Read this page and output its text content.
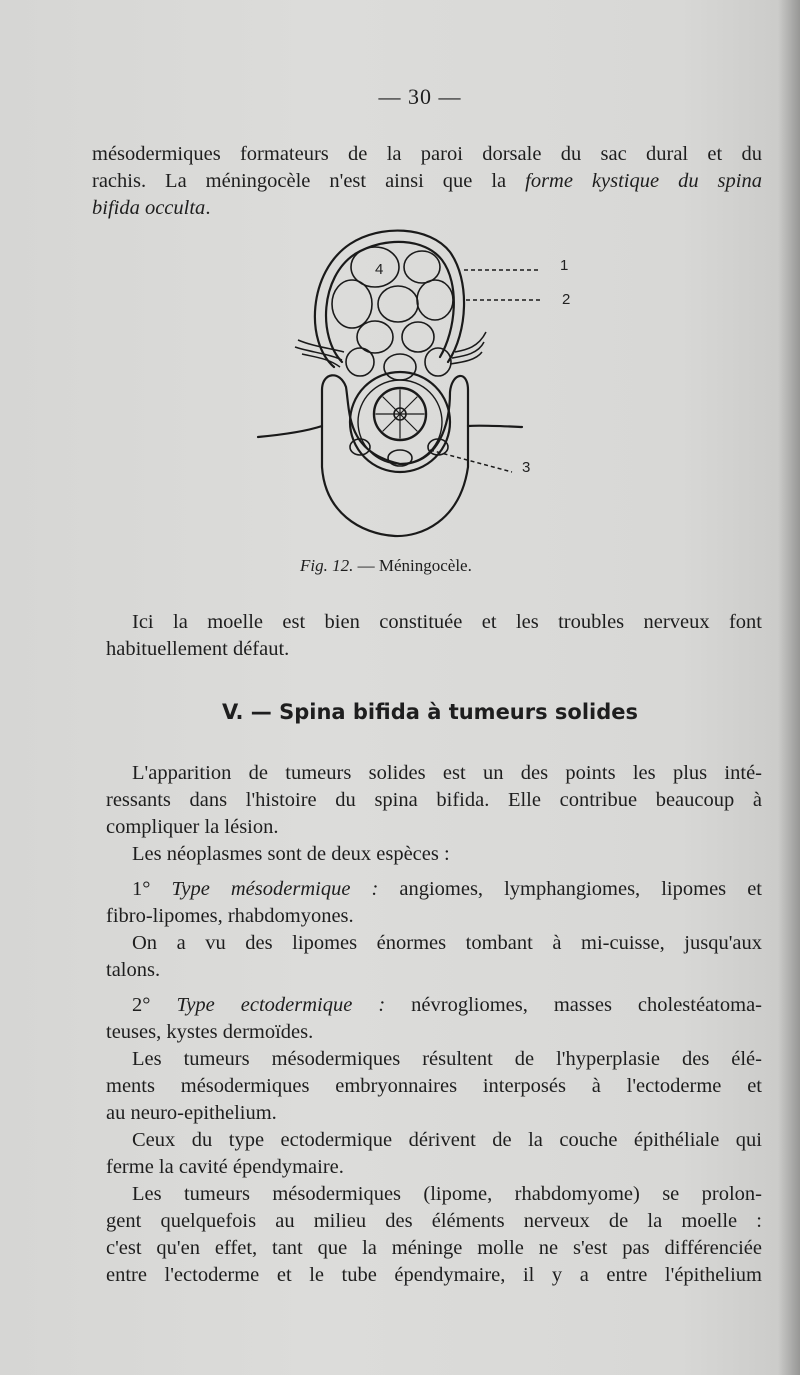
— 30 —
mésodermiques formateurs de la paroi dorsale du sac dural et du
rachis. La méningocèle n'est ainsi que la forme kystique du spina
bifida occulta.
4	1
2
3
Fig. 12. — Méningocèle.
Ici la moelle est bien constituée et les troubles nerveux font
habituellement défaut.
V. — Spina bifida à tumeurs solides
L'apparition de tumeurs solides est un des points les plus inté-
ressants dans l'histoire du spina bifida. Elle contribue beaucoup à
compliquer la lésion.
Les néoplasmes sont de deux espèces :
1° Type mésodermique : angiomes, lymphangiomes, lipomes et
fibro-lipomes, rhabdomyones.
On a vu des lipomes énormes tombant à mi-cuisse, jusqu'aux
talons.
2° Type ectodermique : névrogliomes, masses cholestéatoma-
teuses, kystes dermoïdes.
Les tumeurs mésodermiques résultent de l'hyperplasie des élé-
ments mésodermiques embryonnaires interposés à l'ectoderme et
au neuro-epithelium.
Ceux du type ectodermique dérivent de la couche épithéliale qui
ferme la cavité épendymaire.
Les tumeurs mésodermiques (lipome, rhabdomyome) se prolon-
gent quelquefois au milieu des éléments nerveux de la moelle :
c'est qu'en effet, tant que la méninge molle ne s'est pas différenciée
entre l'ectoderme et le tube épendymaire, il y a entre l'épithelium
